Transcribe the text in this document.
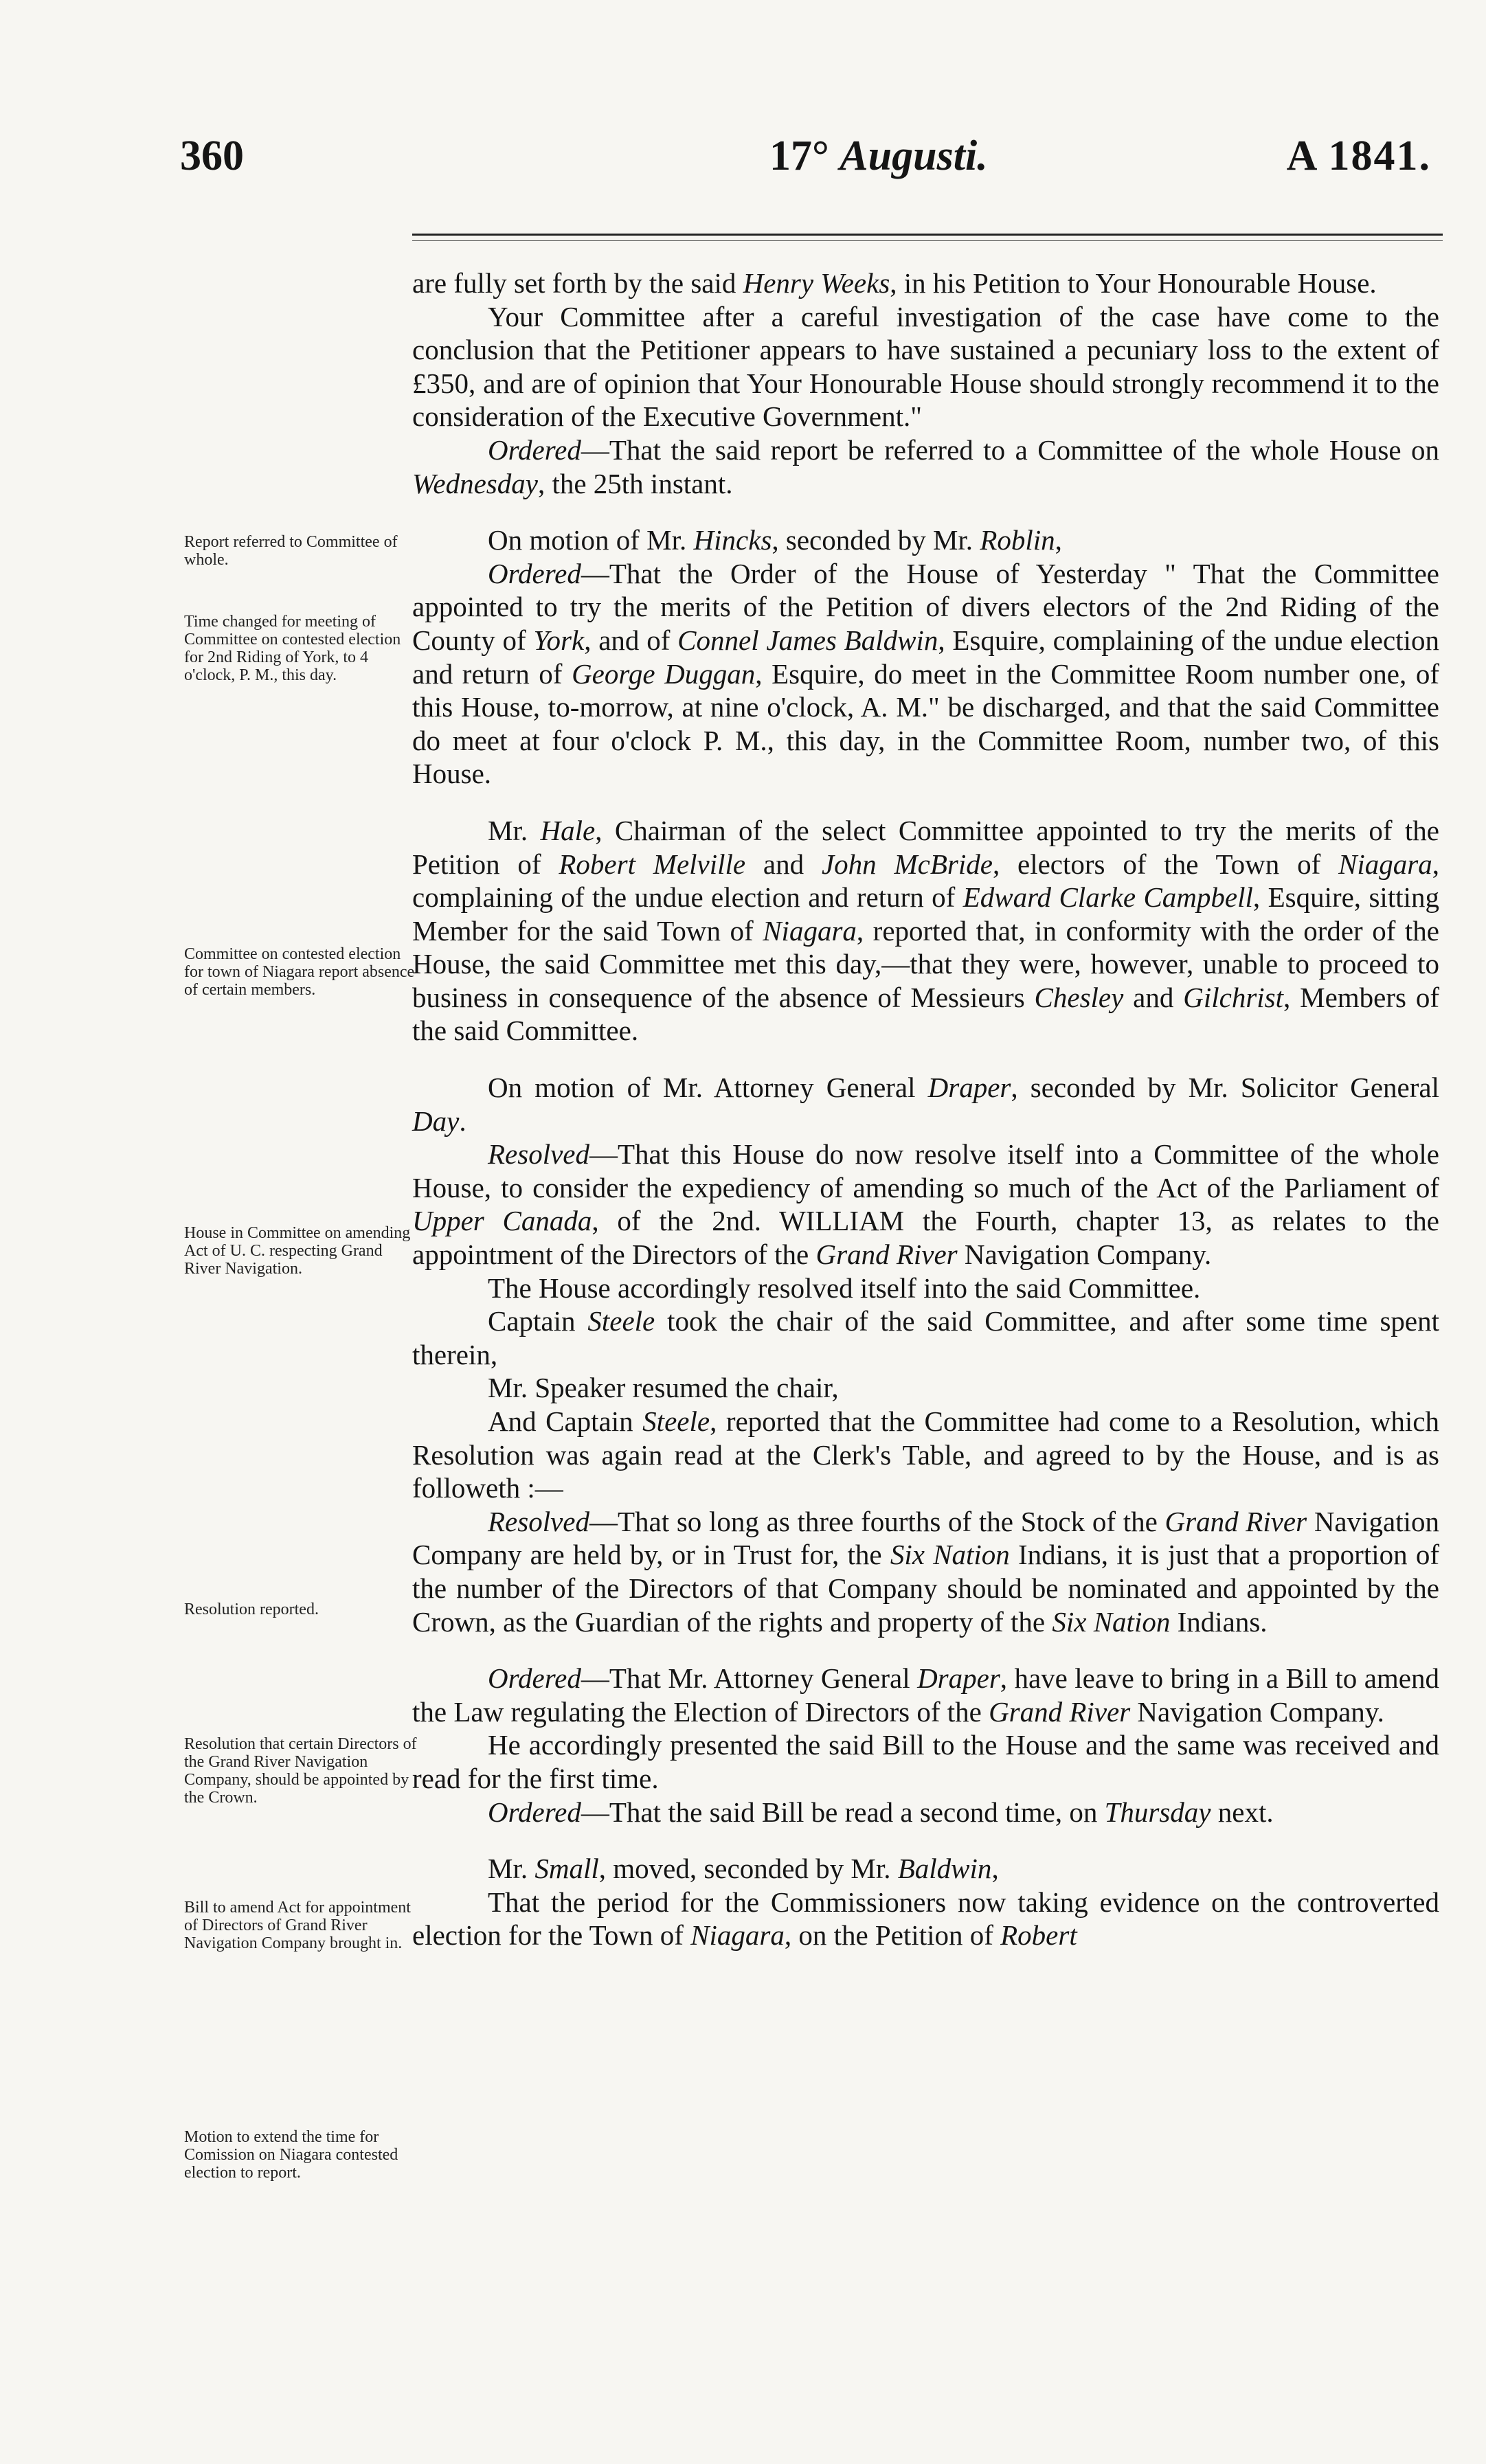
360	17° Augusti.	A 1841.
Report referred to Committee of whole.
Time changed for meeting of Committee on contested election for 2nd Riding of York, to 4 o'clock, P. M., this day.
Committee on contested election for town of Niagara report absence of certain members.
House in Committee on amending Act of U. C. respecting Grand River Navigation.
Resolution reported.
Resolution that certain Directors of the Grand River Navigation Company, should be appointed by the Crown.
Bill to amend Act for appointment of Directors of Grand River Navigation Company brought in.
Motion to extend the time for Comission on Niagara contested election to report.

are fully set forth by the said Henry Weeks, in his Petition to Your Honourable House.

Your Committee after a careful investigation of the case have come to the conclusion that the Petitioner appears to have sustained a pecuniary loss to the extent of £350, and are of opinion that Your Honourable House should strongly recommend it to the consideration of the Executive Government."

Ordered—That the said report be referred to a Committee of the whole House on Wednesday, the 25th instant.

On motion of Mr. Hincks, seconded by Mr. Roblin,

Ordered—That the Order of the House of Yesterday " That the Committee appointed to try the merits of the Petition of divers electors of the 2nd Riding of the County of York, and of Connel James Baldwin, Esquire, complaining of the undue election and return of George Duggan, Esquire, do meet in the Committee Room number one, of this House, to-morrow, at nine o'clock, A. M." be discharged, and that the said Committee do meet at four o'clock P. M., this day, in the Committee Room, number two, of this House.

Mr. Hale, Chairman of the select Committee appointed to try the merits of the Petition of Robert Melville and John McBride, electors of the Town of Niagara, complaining of the undue election and return of Edward Clarke Campbell, Esquire, sitting Member for the said Town of Niagara, reported that, in conformity with the order of the House, the said Committee met this day,—that they were, however, unable to proceed to business in consequence of the absence of Messieurs Chesley and Gilchrist, Members of the said Committee.

On motion of Mr. Attorney General Draper, seconded by Mr. Solicitor General Day.

Resolved—That this House do now resolve itself into a Committee of the whole House, to consider the expediency of amending so much of the Act of the Parliament of Upper Canada, of the 2nd. WILLIAM the Fourth, chapter 13, as relates to the appointment of the Directors of the Grand River Navigation Company.

The House accordingly resolved itself into the said Committee.

Captain Steele took the chair of the said Committee, and after some time spent therein,

Mr. Speaker resumed the chair,

And Captain Steele, reported that the Committee had come to a Resolution, which Resolution was again read at the Clerk's Table, and agreed to by the House, and is as followeth :—

Resolved—That so long as three fourths of the Stock of the Grand River Navigation Company are held by, or in Trust for, the Six Nation Indians, it is just that a proportion of the number of the Directors of that Company should be nominated and appointed by the Crown, as the Guardian of the rights and property of the Six Nation Indians.

Ordered—That Mr. Attorney General Draper, have leave to bring in a Bill to amend the Law regulating the Election of Directors of the Grand River Navigation Company.

He accordingly presented the said Bill to the House and the same was received and read for the first time.

Ordered—That the said Bill be read a second time, on Thursday next.

Mr. Small, moved, seconded by Mr. Baldwin,

That the period for the Commissioners now taking evidence on the controverted election for the Town of Niagara, on the Petition of Robert
